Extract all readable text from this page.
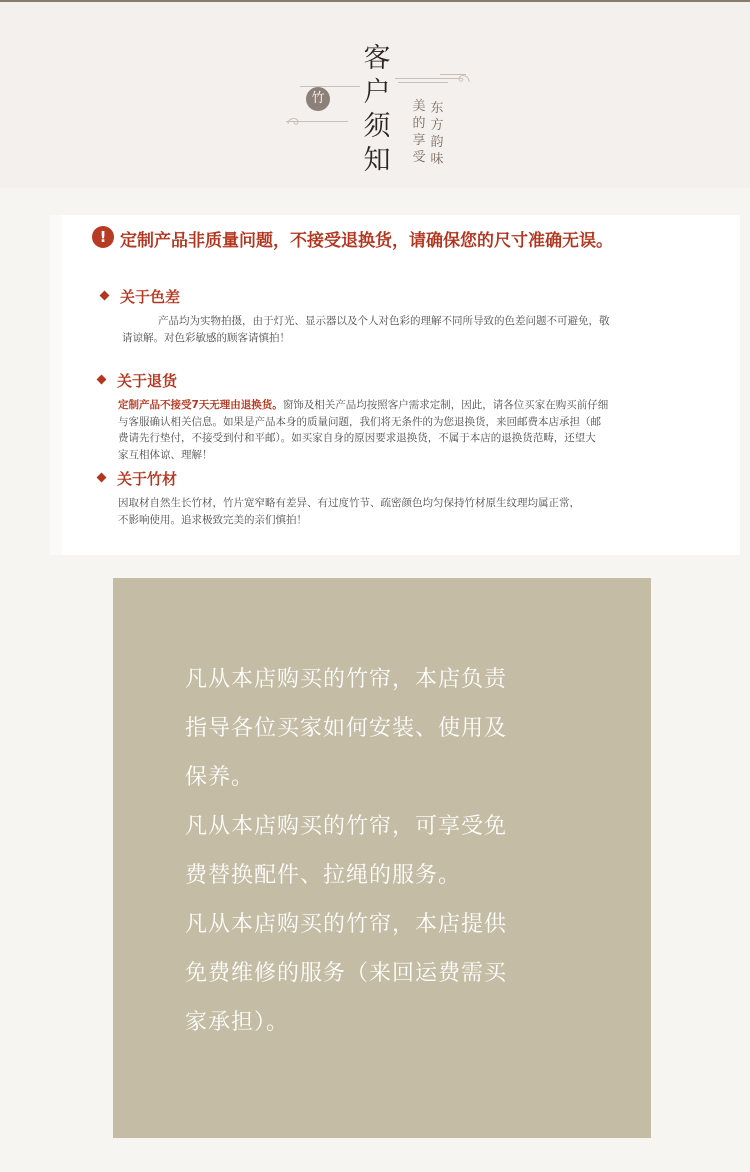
竹
客
户
须
知
美
的
享
受
东
方
韵
味
! 定制产品非质量问题，不接受退换货，请确保您的尺寸准确无误。
关于色差
产品均为实物拍摄，由于灯光、显示器以及个人对色彩的理解不同所导致的色差问题不可避免，敬
请谅解。对色彩敏感的顾客请慎拍！
关于退货
定制产品不接受7天无理由退换货。窗饰及相关产品均按照客户需求定制，因此，请各位买家在购买前仔细
与客服确认相关信息。如果是产品本身的质量问题，我们将无条件的为您退换货，来回邮费本店承担（邮
费请先行垫付，不接受到付和平邮）。如买家自身的原因要求退换货，不属于本店的退换货范畴，还望大
家互相体谅、理解！
关于竹材
因取材自然生长竹材，竹片宽窄略有差异、有过度竹节、疏密颜色均匀保持竹材原生纹理均属正常，
不影响使用。追求极致完美的亲们慎拍！

凡从本店购买的竹帘，本店负责

指导各位买家如何安装、使用及

保养。

凡从本店购买的竹帘，可享受免

费替换配件、拉绳的服务。

凡从本店购买的竹帘，本店提供

免费维修的服务（来回运费需买

家承担）。
